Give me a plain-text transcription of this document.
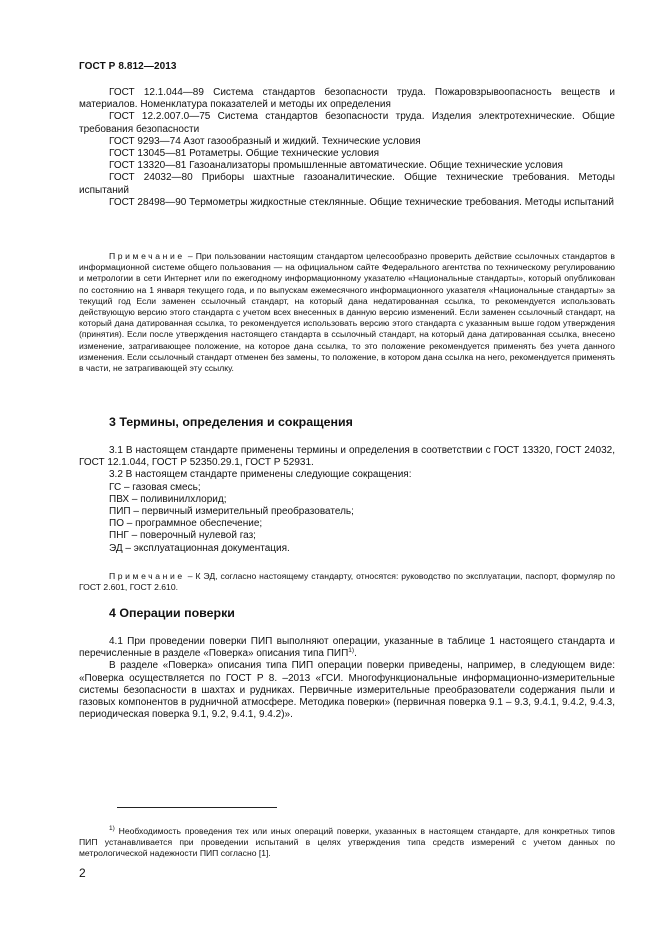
ГОСТ Р 8.812—2013

ГОСТ 12.1.044—89 Система стандартов безопасности труда. Пожаровзрывоопасность веществ и материалов. Номенклатура показателей и методы их определения

ГОСТ 12.2.007.0—75 Система стандартов безопасности труда. Изделия электротехнические. Общие требования безопасности

ГОСТ 9293—74 Азот газообразный и жидкий. Технические условия

ГОСТ 13045—81 Ротаметры. Общие технические условия

ГОСТ 13320—81 Газоанализаторы промышленные автоматические. Общие технические условия

ГОСТ 24032—80 Приборы шахтные газоаналитические. Общие технические требования. Методы испытаний

ГОСТ 28498—90 Термометры жидкостные стеклянные. Общие технические требования. Методы испытаний

Примечание – При пользовании настоящим стандартом целесообразно проверить действие ссылочных стандартов в информационной системе общего пользования — на официальном сайте Федерального агентства по техническому регулированию и метрологии в сети Интернет или по ежегодному информационному указателю «Национальные стандарты», который опубликован по состоянию на 1 января текущего года, и по выпускам ежемесячного информационного указателя «Национальные стандарты» за текущий год Если заменен ссылочный стандарт, на который дана недатированная ссылка, то рекомендуется использовать действующую версию этого стандарта с учетом всех внесенных в данную версию изменений. Если заменен ссылочный стандарт, на который дана датированная ссылка, то рекомендуется использовать версию этого стандарта с указанным выше годом утверждения (принятия). Если после утверждения настоящего стандарта в ссылочный стандарт, на который дана датированная ссылка, внесено изменение, затрагивающее положение, на которое дана ссылка, то это положение рекомендуется применять без учета данного изменения. Если ссылочный стандарт отменен без замены, то положение, в котором дана ссылка на него, рекомендуется применять в части, не затрагивающей эту ссылку.

3 Термины, определения и сокращения

3.1 В настоящем стандарте применены термины и определения в соответствии с ГОСТ 13320, ГОСТ 24032, ГОСТ 12.1.044, ГОСТ Р 52350.29.1, ГОСТ Р 52931.

3.2 В настоящем стандарте применены следующие сокращения:

ГС – газовая смесь;

ПВХ – поливинилхлорид;

ПИП – первичный измерительный преобразователь;

ПО – программное обеспечение;

ПНГ – поверочный нулевой газ;

ЭД – эксплуатационная документация.

Примечание – К ЭД, согласно настоящему стандарту, относятся: руководство по эксплуатации, паспорт, формуляр по ГОСТ 2.601, ГОСТ 2.610.

4 Операции поверки

4.1 При проведении поверки ПИП выполняют операции, указанные в таблице 1 настоящего стандарта и перечисленные в разделе «Поверка» описания типа ПИП$^{1)}$.

В разделе «Поверка» описания типа ПИП операции поверки приведены, например, в следующем виде: «Поверка осуществляется по ГОСТ Р 8. –2013 «ГСИ. Многофункциональные информационно-измерительные системы безопасности в шахтах и рудниках. Первичные измерительные преобразователи содержания пыли и газовых компонентов в рудничной атмосфере. Методика поверки» (первичная поверка 9.1 – 9.3, 9.4.1, 9.4.2, 9.4.3, периодическая поверка 9.1, 9.2, 9.4.1, 9.4.2)».

$^{1)}$ Необходимость проведения тех или иных операций поверки, указанных в настоящем стандарте, для конкретных типов ПИП устанавливается при проведении испытаний в целях утверждения типа средств измерений с учетом данных по метрологической надежности ПИП согласно [1].

2
